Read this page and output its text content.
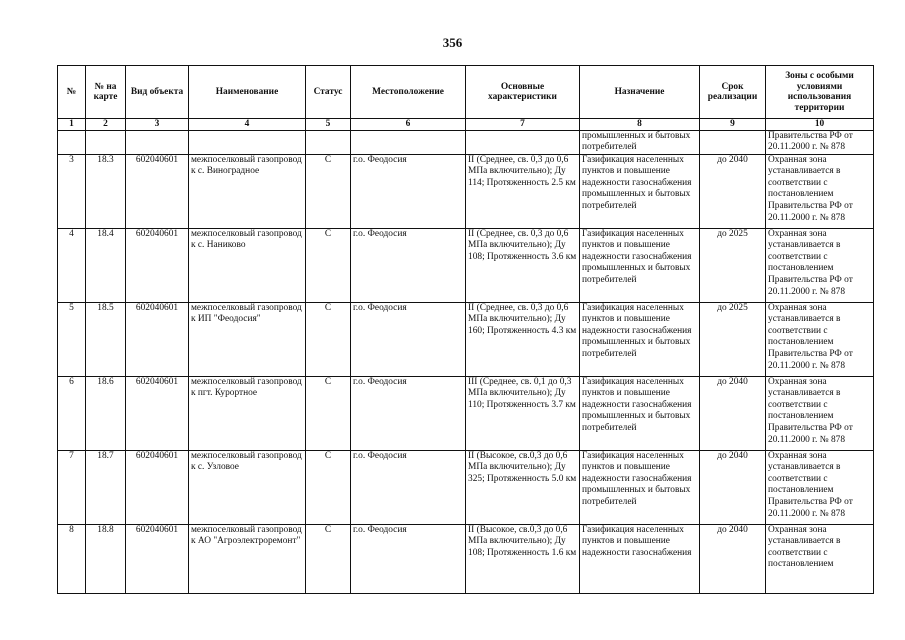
356
№	№ на карте	Вид объекта	Наименование	Статус	Местоположение	Основные характеристики	Назначение	Срок реализации	Зоны с особыми условиями использования территории
1	2	3	4	5	6	7	8	9	10
							промышленных и бытовых потребителей		Правительства РФ от 20.11.2000 г. № 878
3	18.3	602040601	межпоселковый газопровод к с. Виноградное	С	г.о. Феодосия	II (Среднее, св. 0,3 до 0,6 МПа включительно); Ду 114; Протяженность 2.5 км	Газификация населенных пунктов и повышение надежности газоснабжения промышленных и бытовых потребителей	до 2040	Охранная зона устанавливается в соответствии с постановлением Правительства РФ от 20.11.2000 г. № 878
4	18.4	602040601	межпоселковый газопровод к с. Наниково	С	г.о. Феодосия	II (Среднее, св. 0,3 до 0,6 МПа включительно); Ду 108; Протяженность 3.6 км	Газификация населенных пунктов и повышение надежности газоснабжения промышленных и бытовых потребителей	до 2025	Охранная зона устанавливается в соответствии с постановлением Правительства РФ от 20.11.2000 г. № 878
5	18.5	602040601	межпоселковый газопровод к ИП "Феодосия"	С	г.о. Феодосия	II (Среднее, св. 0,3 до 0,6 МПа включительно); Ду 160; Протяженность 4.3 км	Газификация населенных пунктов и повышение надежности газоснабжения промышленных и бытовых потребителей	до 2025	Охранная зона устанавливается в соответствии с постановлением Правительства РФ от 20.11.2000 г. № 878
6	18.6	602040601	межпоселковый газопровод к пгт. Курортное	С	г.о. Феодосия	III (Среднее, св. 0,1 до 0,3 МПа включительно); Ду 110; Протяженность 3.7 км	Газификация населенных пунктов и повышение надежности газоснабжения промышленных и бытовых потребителей	до 2040	Охранная зона устанавливается в соответствии с постановлением Правительства РФ от 20.11.2000 г. № 878
7	18.7	602040601	межпоселковый газопровод к с. Узловое	С	г.о. Феодосия	II (Высокое, св.0,3 до 0,6 МПа включительно); Ду 325; Протяженность 5.0 км	Газификация населенных пунктов и повышение надежности газоснабжения промышленных и бытовых потребителей	до 2040	Охранная зона устанавливается в соответствии с постановлением Правительства РФ от 20.11.2000 г. № 878
8	18.8	602040601	межпоселковый газопровод к АО "Агроэлектроремонт"	С	г.о. Феодосия	II (Высокое, св.0,3 до 0,6 МПа включительно); Ду 108; Протяженность 1.6 км	Газификация населенных пунктов и повышение надежности газоснабжения	до 2040	Охранная зона устанавливается в соответствии с постановлением
